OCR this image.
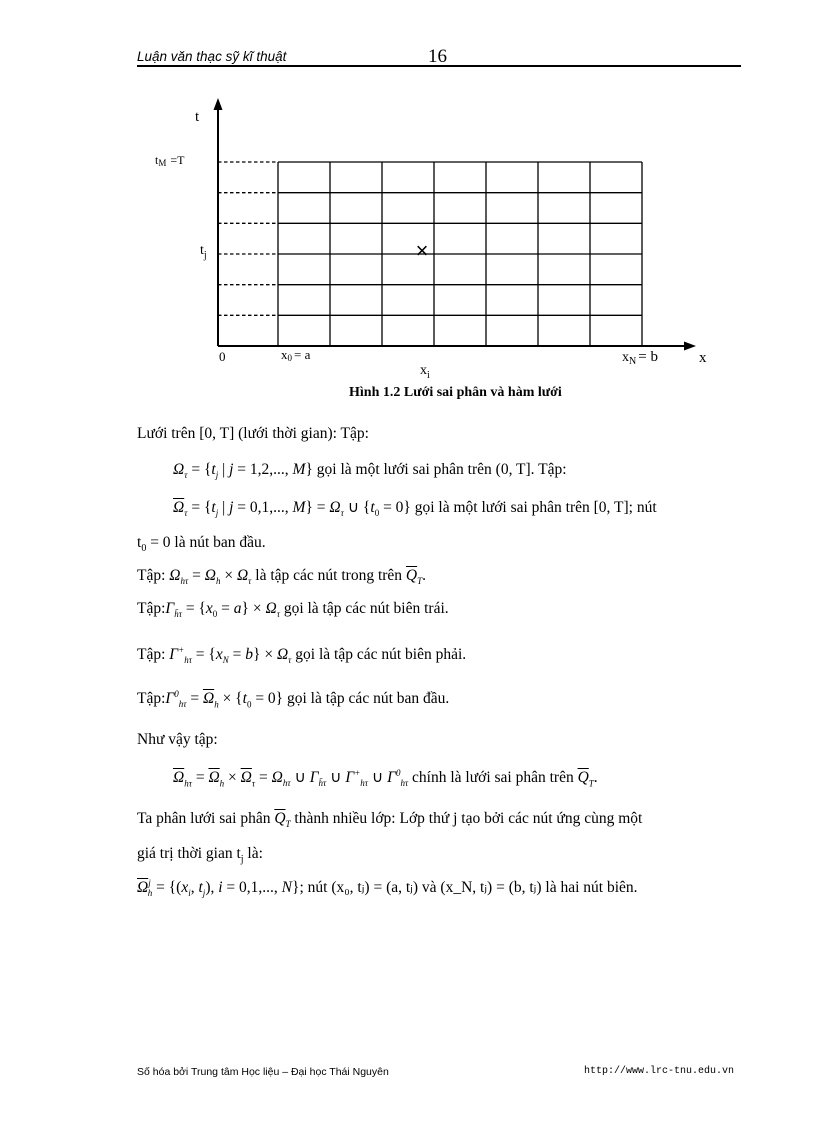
Luận văn thạc sỹ kĩ thuật	16
×
t
tM =T
$t_j$
0	x0 = a
$x_i$
$x_N = b$	x
Hình 1.2 Lưới sai phân và hàm lưới
Lưới trên [0, T] (lưới thời gian): Tập:
$\Omega_\tau = \{t_j$ | j = 1,2,..., M} gọi là một lưới sai phân trên (0, T]. Tập:
$\overline{\Omega}_\tau = \{t_j$ | j = 0,1,..., $M\} = \Omega_\tau$ ∪ $\{t_0 = 0\}$ gọi là một lưới sai phân trên [0, T]; nút
$t_0 = 0$ là nút ban đầu.
Tập: $\Omega_{h\tau} = \Omega_h \times \Omega_\tau$ là tập các nút trong trên $\overline{Q}_T$.
$Tập:\Gamma_{h̄\tau} = \{x_0 = a\} \times \Omega_\tau$ gọi là tập các nút biên trái.
Tập: $\Gamma^+_{h\tau} = \{x_N = b\} \times \Omega_\tau$ gọi là tập các nút biên phải.
$Tập:\Gamma^0_{h\tau} = \overline{\Omega}_h \times \{t_0 = 0\}$ gọi là tập các nút ban đầu.
Như vậy tập:
$\overline{\Omega}_{h\tau} = \overline{\Omega}_h \times \overline{\Omega}_\tau = \Omega_{h\tau}$ ∪ $\Gamma_{h̄\tau}$ ∪ $\Gamma^+_{h\tau}$ ∪ $\Gamma^0_{h\tau}$ chính là lưới sai phân trên $\overline{Q}_T$.
Ta phân lưới sai phân $\overline{Q}_T$ thành nhiều lớp: Lớp thứ j tạo bởi các nút ứng cùng một
giá trị thời gian $t_j$ là:
$\overline{\Omega}^j_h = \{(x_i$, $t_j$), i = 0,1,..., N}; nút (x₀, tⱼ) = (a, tⱼ) và (x_N, tⱼ) = (b, tⱼ) là hai nút biên.
Số hóa bởi Trung tâm Học liệu – Đại học Thái Nguyên	http://www.lrc-tnu.edu.vn
